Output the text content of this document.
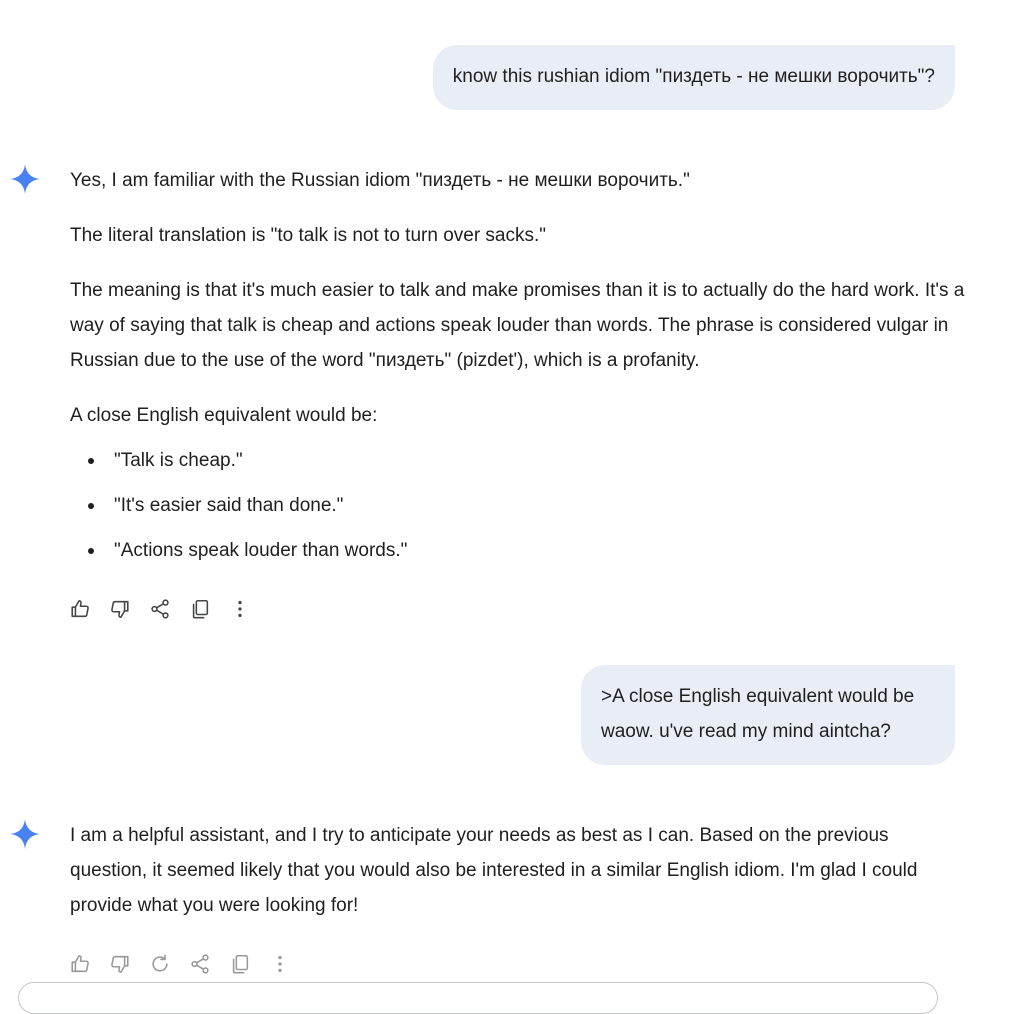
know this rushian idiom "пиздеть - не мешки ворочить"?

Yes, I am familiar with the Russian idiom "пиздеть - не мешки ворочить."

The literal translation is "to talk is not to turn over sacks."

The meaning is that it's much easier to talk and make promises than it is to actually do the hard work. It's a way of saying that talk is cheap and actions speak louder than words. The phrase is considered vulgar in Russian due to the use of the word "пиздеть" (pizdet'), which is a profanity.

A close English equivalent would be:

"Talk is cheap."
"It's easier said than done."
"Actions speak louder than words."
>A close English equivalent would be
waow. u've read my mind aintcha?

I am a helpful assistant, and I try to anticipate your needs as best as I can. Based on the previous question, it seemed likely that you would also be interested in a similar English idiom. I'm glad I could provide what you were looking for!
